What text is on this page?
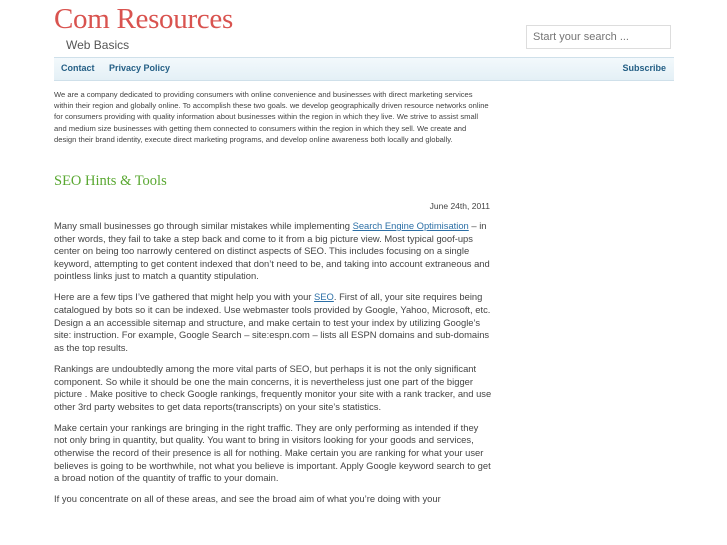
Com Resources
Web Basics
Start your search ...
Contact Privacy Policy	Subscribe

We are a company dedicated to providing consumers with online convenience and businesses with direct marketing services within their region and globally online. To accomplish these two goals. we develop geographically driven resource networks online for consumers providing with quality information about businesses within the region in which they live. We strive to assist small and medium size businesses with getting them connected to consumers within the region in which they sell. We create and design their brand identity, execute direct marketing programs, and develop online awareness both locally and globally.

SEO Hints & Tools
June 24th, 2011

Many small businesses go through similar mistakes while implementing Search Engine Optimisation – in other words, they fail to take a step back and come to it from a big picture view. Most typical goof-ups center on being too narrowly centered on distinct aspects of SEO. This includes focusing on a single keyword, attempting to get content indexed that don’t need to be, and taking into account extraneous and pointless links just to match a quantity stipulation.

Here are a few tips I’ve gathered that might help you with your SEO. First of all, your site requires being catalogued by bots so it can be indexed. Use webmaster tools provided by Google, Yahoo, Microsoft, etc. Design a an accessible sitemap and structure, and make certain to test your index by utilizing Google’s site: instruction. For example, Google Search – site:espn.com – lists all ESPN domains and sub-domains as the top results.

Rankings are undoubtedly among the more vital parts of SEO, but perhaps it is not the only significant component. So while it should be one the main concerns, it is nevertheless just one part of the bigger picture . Make positive to check Google rankings, frequently monitor your site with a rank tracker, and use other 3rd party websites to get data reports(transcripts) on your site’s statistics.

Make certain your rankings are bringing in the right traffic. They are only performing as intended if they not only bring in quantity, but quality. You want to bring in visitors looking for your goods and services, otherwise the record of their presence is all for nothing. Make certain you are ranking for what your user believes is going to be worthwhile, not what you believe is important. Apply Google keyword search to get a broad notion of the quantity of traffic to your domain.

If you concentrate on all of these areas, and see the broad aim of what you’re doing with your
